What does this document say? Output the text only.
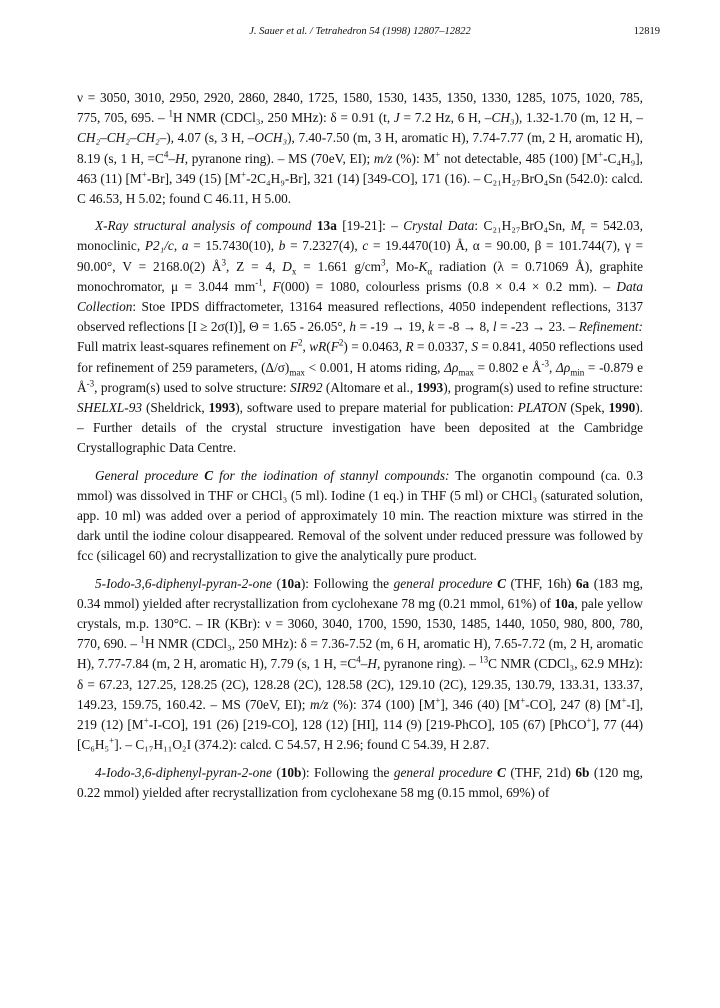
J. Sauer et al. / Tetrahedron 54 (1998) 12807–12822	12819

ν = 3050, 3010, 2950, 2920, 2860, 2840, 1725, 1580, 1530, 1435, 1350, 1330, 1285, 1075, 1020, 785, 775, 705, 695. – $^1$H NMR (CDCl₃, 250 MHz): δ = 0.91 (t, J = 7.2 Hz, 6 H, –CH₃), 1.32-1.70 (m, 12 H, –CH₂–CH₂–CH₂–), 4.07 (s, 3 H, –OCH₃), 7.40-7.50 (m, 3 H, aromatic H), 7.74-7.77 (m, 2 H, aromatic H), 8.19 (s, 1 H, $=C^4-H$, pyranone ring). – MS (70eV, EI); m/z (%): M+ not detectable, 485 (100) [M+-C₄H₉], 463 (11) [M+-Br], 349 (15) [M+-2C₄H₉-Br], 321 (14) [349-CO], 171 (16). – C₂₁H₂₇BrO₄Sn (542.0): calcd. C 46.53, H 5.02; found C 46.11, H 5.00.

X-Ray structural analysis of compound 13a [19-21]: – Crystal Data: C₂₁H₂₇BrO₄Sn, $M_r = 542.03$, monoclinic, P2₁/c, a = 15.7430(10), b = 7.2327(4), c = 19.4470(10) Å, α = 90.00, β = 101.744(7), γ = 90.00°, V = 2168.0(2) $Å^3$, Z = 4, $D_x = 1.661$ $g/cm^3$, $Mo-K_\alpha$ radiation (λ = 0.71069 Å), graphite monochromator, μ = 3.044 $mm^{-1}$, F(000) = 1080, colourless prisms (0.8 × 0.4 × 0.2 mm). – Data Collection: Stoe IPDS diffractometer, 13164 measured reflections, 4050 independent reflections, 3137 observed reflections [I ≥ 2σ(I)], Θ = 1.65 - 26.05°, h = -19 → 19, k = -8 → 8, l = -23 → 23. – Refinement: Full matrix least-squares refinement on $F^2$, $wR(F^2) = 0.0463$, R = 0.0337, S = 0.841, 4050 reflections used for refinement of 259 parameters, $(\Delta/\sigma)_{max} < 0.001$, H atoms riding, $\Delta\rho_{max} = 0.802$ e $Å^{-3}$, $\Delta\rho_{min} = -0.879$ e $Å^{-3}$, program(s) used to solve structure: SIR92 (Altomare et al., 1993), program(s) used to refine structure: SHELXL-93 (Sheldrick, 1993), software used to prepare material for publication: PLATON (Spek, 1990). – Further details of the crystal structure investigation have been deposited at the Cambridge Crystallographic Data Centre.

General procedure C for the iodination of stannyl compounds: The organotin compound (ca. 0.3 mmol) was dissolved in THF or CHCl₃ (5 ml). Iodine (1 eq.) in THF (5 ml) or CHCl₃ (saturated solution, app. 10 ml) was added over a period of approximately 10 min. The reaction mixture was stirred in the dark until the iodine colour disappeared. Removal of the solvent under reduced pressure was followed by fcc (silicagel 60) and recrystallization to give the analytically pure product.

5-Iodo-3,6-diphenyl-pyran-2-one (10a): Following the general procedure C (THF, 16h) 6a (183 mg, 0.34 mmol) yielded after recrystallization from cyclohexane 78 mg (0.21 mmol, 61%) of 10a, pale yellow crystals, m.p. 130°C. – IR (KBr): ν = 3060, 3040, 1700, 1590, 1530, 1485, 1440, 1050, 980, 800, 780, 770, 690. – $^1$H NMR (CDCl₃, 250 MHz): δ = 7.36-7.52 (m, 6 H, aromatic H), 7.65-7.72 (m, 2 H, aromatic H), 7.77-7.84 (m, 2 H, aromatic H), 7.79 (s, 1 H, $=C^4-H$, pyranone ring). – $^{13}$C NMR (CDCl₃, 62.9 MHz): δ = 67.23, 127.25, 128.25 (2C), 128.28 (2C), 128.58 (2C), 129.10 (2C), 129.35, 130.79, 133.31, 133.37, 149.23, 159.75, 160.42. – MS (70eV, EI); m/z (%): 374 (100) [M+], 346 (40) [M+-CO], 247 (8) [M+-I], 219 (12) [M+-I-CO], 191 (26) [219-CO], 128 (12) [HI], 114 (9) [219-PhCO], 105 (67) [PhCO+], 77 (44) [C₆H₅+]. – C₁₇H₁₁O₂I (374.2): calcd. C 54.57, H 2.96; found C 54.39, H 2.87.

4-Iodo-3,6-diphenyl-pyran-2-one (10b): Following the general procedure C (THF, 21d) 6b (120 mg, 0.22 mmol) yielded after recrystallization from cyclohexane 58 mg (0.15 mmol, 69%) of
